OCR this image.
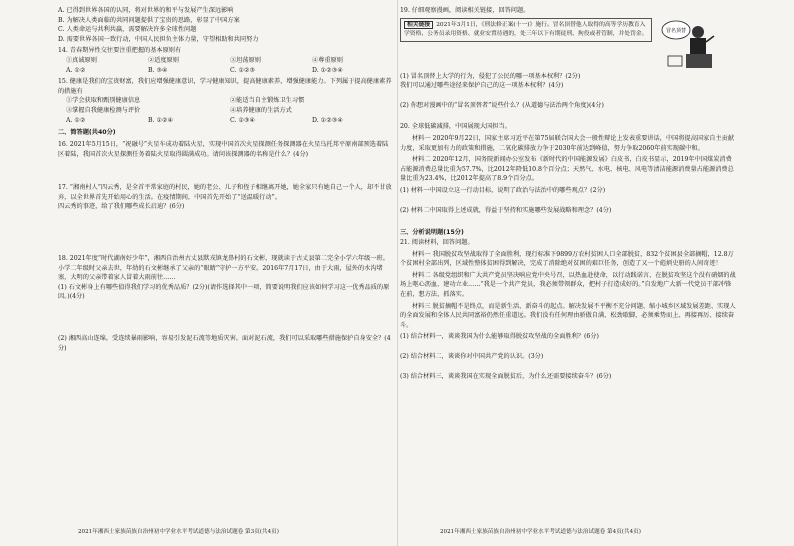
A. 已得到世界各国的认同，将对世界的和平与发展产生深远影响

B. 为解决人类面临的共同问题提供了宝贵的思路，彰显了中国方案

C. 人类命运与共利共赢，需要解决许多全球性问题

D. 需要世界各国一致行动，中国人民担负主体力量，守望相助和共同努力

14. 青春期异性交往要注重把握的基本原则有

①真诚原则	②适度原则	③坦荡原则	④尊重原则
A. ①②	B. ③④	C. ①②③	D. ①②③④

15. 健康是我们的宝贵财富，我们应增强健康意识，学习健康知识，提高健康素养，增强健康能力。下列属于提高健康素养的措施有

①学会获取和甄别健康信息	②能适当自主锻炼卫生习惯
③掌握自我健康检测与评价	④培养健康的生活方式
A. ①②	B. ①②④	C. ①③④	D. ①②③④

二、简答题(共40分)

16. 2021年5月15日，“祝融号”火星车成功着陆火星，实现中国首次火星探测任务探测器在火星乌托邦平原南部预选着陆区着陆，我国首次火星探测任务着陆火星取得圆满成功。请问该探测器的名称是什么？(4分)

17. “湘南村人”四云秀，是全首平常家庭的村民，她的老公、儿子和侄子相继离开她，她全家只有她自己一个人，却不甘放弃，以全世界首先开始用心的生活。在疫情期间，中国首先开始了“送温暖行动”。

四云秀的事迹，给了我们哪些成长启迪？(6分)

18. 2021年度“时代湖南好少年”，湘西自治州古丈县默戎镇龙鼻村的石文彬，现就读于古丈县第二完全小学六年级一班。小学二年级时父亲去世，年幼的石文彬继承了父亲的“眼睛”守护一方平安。2016年7月17日，由于大雨，屋外的水沟堵塞，大明的父亲带着家人冒着大雨前往……

(1) 石文彬身上有哪些值得我们学习的优秀品质？(2分)(请作选择其中一项，简要说明我们应该如何学习这一优秀品质的原因。)(4分)

(2) 湘西高山连绵，受连续暴雨影响，容易引发泥石流等地质灾害。面对泥石流，我们可以采取哪些措施保护自身安全？(4分)

2021年湘西土家族苗族自治州初中学业水平考试道德与法治试题卷 第3页(共4页)

19. 仔细观察漫画，阅读相关链接，回答问题。

相关链接 2021年3月1日，《刑法修正案(十一)》施行。冒名顶替他人取得的高等学历教育入学资格、公务员录用资格、就业安置待遇的，处三年以下有期徒刑、拘役或者管制，并处罚金。	冒名顶替

(1) 冒名顶替上大学的行为，侵犯了公民的哪一项基本权利？(2分)

我们可以通过哪些途径来保护自己的这一项基本权利？(4分)

(2) 你想对漫画中的“冒名顶替者”说些什么？(从道德与法治两个角度)(4分)

20. 全球低碳减排，中国展现大国担当。

材料一 2020年9月22日，国家主席习近平在第75届联合国大会一般性辩论上发表重要讲话，中国将提高国家自主贡献力度，采取更加有力的政策和措施，二氧化碳排放力争于2030年前达到峰值，努力争取2060年前实现碳中和。

材料二 2020年12月，国务院新闻办公室发布《新时代的中国能源发展》白皮书，白皮书显示，2019年中国煤炭消费占能源消费总量比重为57.7%，比2012年降低10.8个百分点；天然气、水电、核电、风电等清洁能源消费量占能源消费总量比重为23.4%，比2012年提高了8.9个百分点。

(1) 材料一中国设立这一行动目标，说明了政治与法治中的哪些观点？(2分)

(2) 材料二中国取得上述成就，得益于坚持和实施哪些发展战略和理念？(4分)

三、分析说明题(15分)

21. 阅读材料，回答问题。

材料一 我国脱贫攻坚战取得了全面胜利，现行标准下9899万农村贫困人口全部脱贫，832个贫困县全部摘帽，12.8万个贫困村全部出列，区域性整体贫困得到解决，完成了消除绝对贫困的艰巨任务，创造了又一个彪炳史册的人间奇迹！

材料二 各级党组织和广大共产党员坚决响应党中央号召，以热血赴使命，以行动践诺言，在脱贫攻坚这个没有硝烟的战场上呕心沥血、建功立业……“我是一个共产党员，我必须带领群众，把村子打造成好的。”自发地广大新一代党员干部冲锋在前，想方法、抓落实。

材料三 脱贫摘帽不是终点，而是新生活、新奋斗的起点。解决发展不平衡不充分问题、缩小城乡区域发展差距、实现人的全面发展和全体人民共同富裕仍然任重道远。我们没有任何理由骄傲自满、松劲歇脚，必须乘势而上、再接再厉、接续奋斗。

(1) 结合材料一，谈谈我国为什么能够取得脱贫攻坚战的全面胜利？(6分)

(2) 结合材料二，谈谈你对中国共产党的认识。(3分)

(3) 结合材料三，谈谈我国在实现全面脱贫后，为什么还需要接续奋斗？(6分)

2021年湘西土家族苗族自治州初中学业水平考试道德与法治试题卷 第4页(共4页)
